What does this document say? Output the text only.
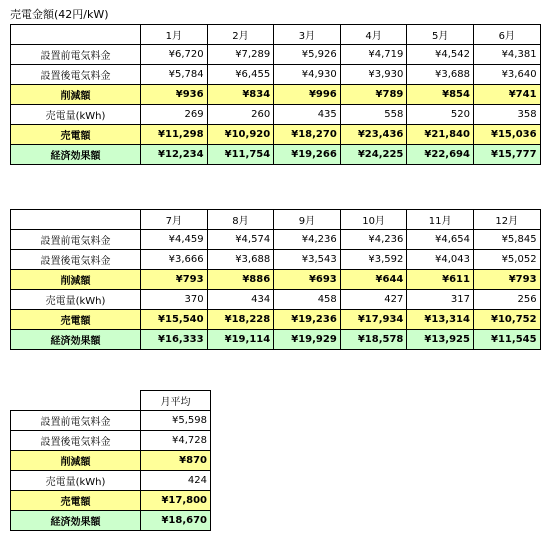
売電金額(42円/kW)
	1月	2月	3月	4月	5月	6月
設置前電気料金	¥6,720	¥7,289	¥5,926	¥4,719	¥4,542	¥4,381
設置後電気料金	¥5,784	¥6,455	¥4,930	¥3,930	¥3,688	¥3,640
削減額	¥936	¥834	¥996	¥789	¥854	¥741
売電量(kWh)	269	260	435	558	520	358
売電額	¥11,298	¥10,920	¥18,270	¥23,436	¥21,840	¥15,036
経済効果額	¥12,234	¥11,754	¥19,266	¥24,225	¥22,694	¥15,777
	7月	8月	9月	10月	11月	12月
設置前電気料金	¥4,459	¥4,574	¥4,236	¥4,236	¥4,654	¥5,845
設置後電気料金	¥3,666	¥3,688	¥3,543	¥3,592	¥4,043	¥5,052
削減額	¥793	¥886	¥693	¥644	¥611	¥793
売電量(kWh)	370	434	458	427	317	256
売電額	¥15,540	¥18,228	¥19,236	¥17,934	¥13,314	¥10,752
経済効果額	¥16,333	¥19,114	¥19,929	¥18,578	¥13,925	¥11,545
	月平均
設置前電気料金	¥5,598
設置後電気料金	¥4,728
削減額	¥870
売電量(kWh)	424
売電額	¥17,800
経済効果額	¥18,670
